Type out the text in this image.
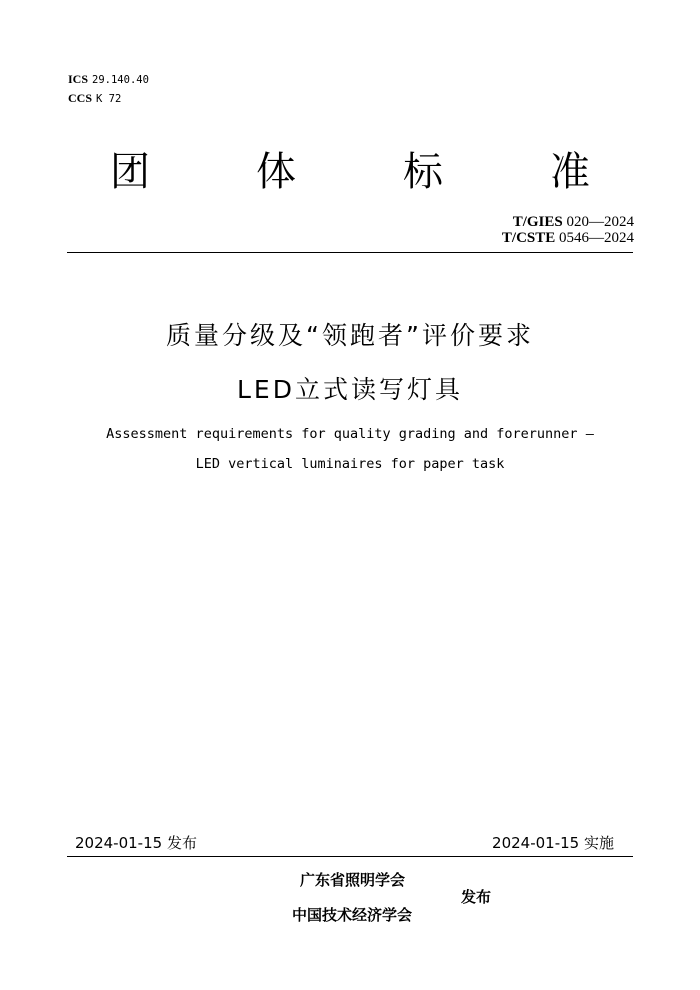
ICS 29.140.40
CCS K 72
团	体	标	准
T/GIES 020—2024
T/CSTE 0546—2024
质量分级及“领跑者”评价要求
LED立式读写灯具
Assessment requirements for quality grading and forerunner —
LED vertical luminaires for paper task
2024-01-15 发布	2024-01-15 实施
广东省照明学会
发布
中国技术经济学会
